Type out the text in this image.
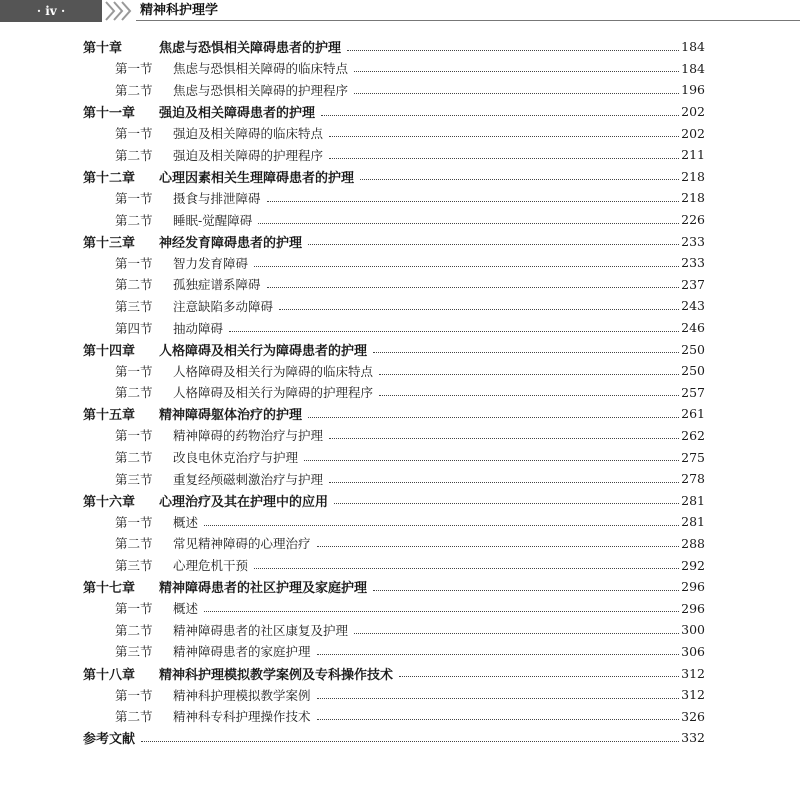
· iv ·	精神科护理学
第十章	焦虑与恐惧相关障碍患者的护理	184
第一节	焦虑与恐惧相关障碍的临床特点	184
第二节	焦虑与恐惧相关障碍的护理程序	196
第十一章	强迫及相关障碍患者的护理	202
第一节	强迫及相关障碍的临床特点	202
第二节	强迫及相关障碍的护理程序	211
第十二章	心理因素相关生理障碍患者的护理	218
第一节	摄食与排泄障碍	218
第二节	睡眠-觉醒障碍	226
第十三章	神经发育障碍患者的护理	233
第一节	智力发育障碍	233
第二节	孤独症谱系障碍	237
第三节	注意缺陷多动障碍	243
第四节	抽动障碍	246
第十四章	人格障碍及相关行为障碍患者的护理	250
第一节	人格障碍及相关行为障碍的临床特点	250
第二节	人格障碍及相关行为障碍的护理程序	257
第十五章	精神障碍躯体治疗的护理	261
第一节	精神障碍的药物治疗与护理	262
第二节	改良电休克治疗与护理	275
第三节	重复经颅磁刺激治疗与护理	278
第十六章	心理治疗及其在护理中的应用	281
第一节	概述	281
第二节	常见精神障碍的心理治疗	288
第三节	心理危机干预	292
第十七章	精神障碍患者的社区护理及家庭护理	296
第一节	概述	296
第二节	精神障碍患者的社区康复及护理	300
第三节	精神障碍患者的家庭护理	306
第十八章	精神科护理模拟教学案例及专科操作技术	312
第一节	精神科护理模拟教学案例	312
第二节	精神科专科护理操作技术	326
参考文献	332
